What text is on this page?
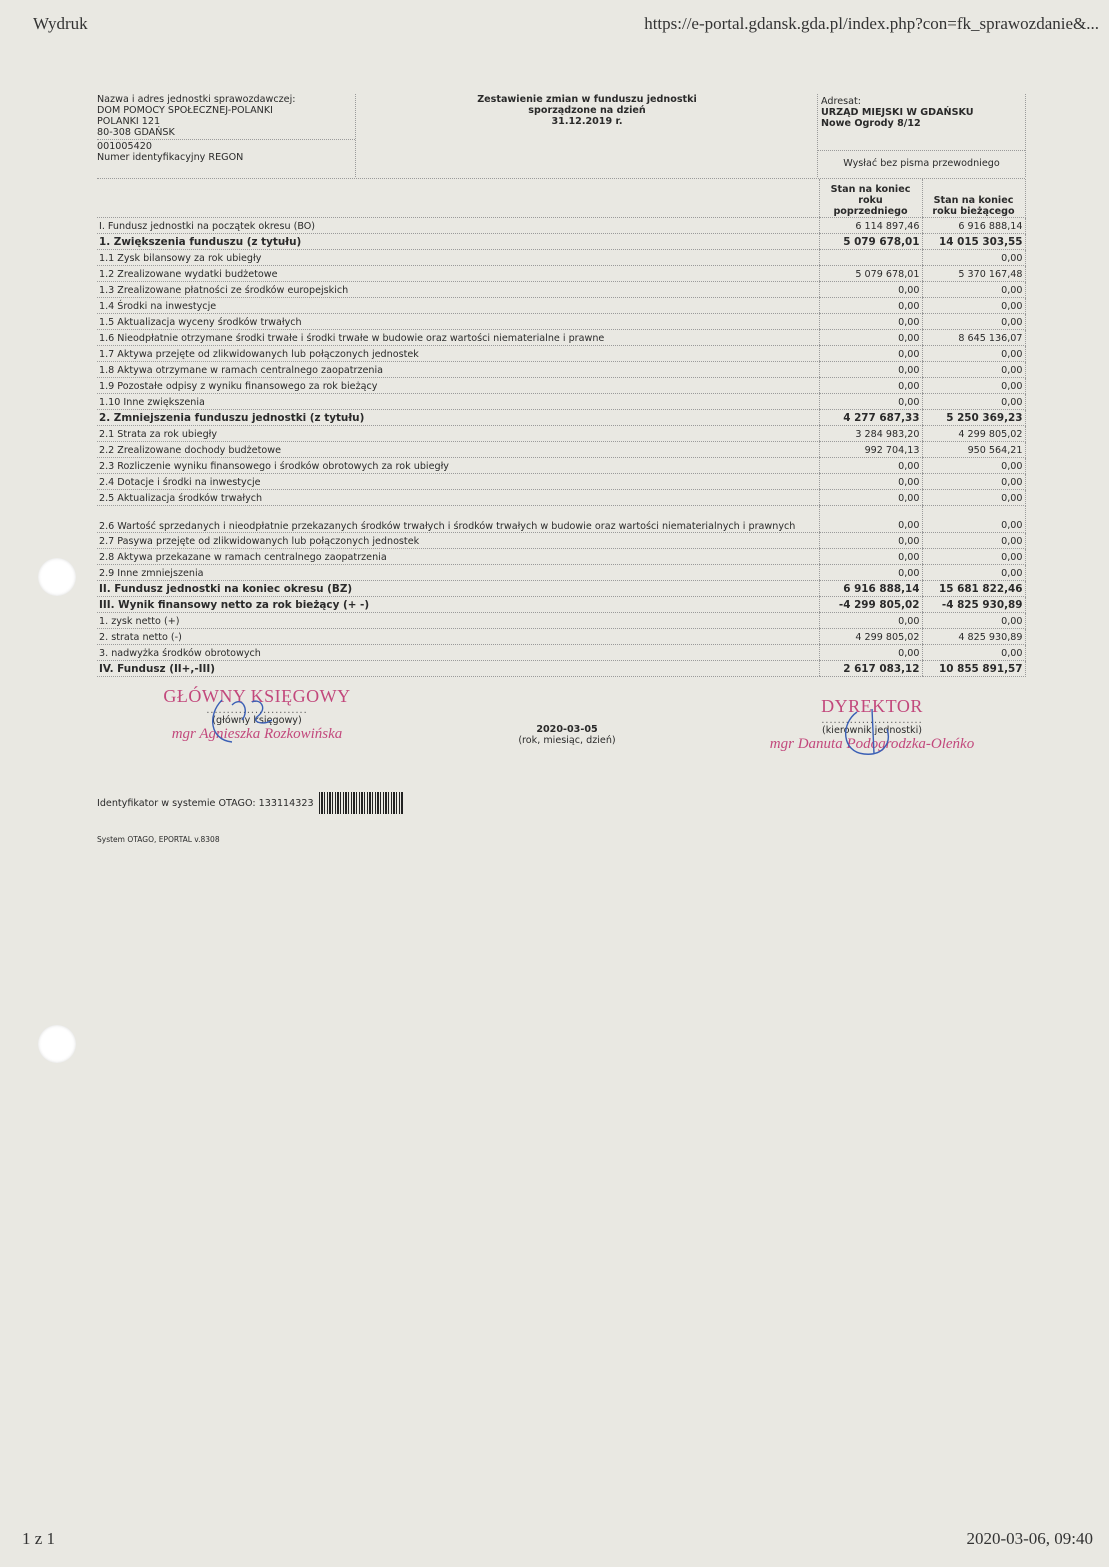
Wydruk	https://e-portal.gdansk.gda.pl/index.php?con=fk_sprawozdanie&...
Nazwa i adres jednostki sprawozdawczej:
DOM POMOCY SPOŁECZNEJ-POLANKI
POLANKI 121
80-308 GDAŃSK
001005420
Numer identyfikacyjny REGON
Zestawienie zmian w funduszu jednostki
sporządzone na dzień
31.12.2019 r.
Adresat:
URZĄD MIEJSKI W GDAŃSKU
Nowe Ogrody 8/12
Wysłać bez pisma przewodniego
	Stan na koniec roku poprzedniego	Stan na koniec roku bieżącego
I. Fundusz jednostki na początek okresu (BO)	6 114 897,46	6 916 888,14
1. Zwiększenia funduszu (z tytułu)	5 079 678,01	14 015 303,55
1.1 Zysk bilansowy za rok ubiegły		0,00
1.2 Zrealizowane wydatki budżetowe	5 079 678,01	5 370 167,48
1.3 Zrealizowane płatności ze środków europejskich	0,00	0,00
1.4 Środki na inwestycje	0,00	0,00
1.5 Aktualizacja wyceny środków trwałych	0,00	0,00
1.6 Nieodpłatnie otrzymane środki trwałe i środki trwałe w budowie oraz wartości niematerialne i prawne	0,00	8 645 136,07
1.7 Aktywa przejęte od zlikwidowanych lub połączonych jednostek	0,00	0,00
1.8 Aktywa otrzymane w ramach centralnego zaopatrzenia	0,00	0,00
1.9 Pozostałe odpisy z wyniku finansowego za rok bieżący	0,00	0,00
1.10 Inne zwiększenia	0,00	0,00
2. Zmniejszenia funduszu jednostki (z tytułu)	4 277 687,33	5 250 369,23
2.1 Strata za rok ubiegły	3 284 983,20	4 299 805,02
2.2 Zrealizowane dochody budżetowe	992 704,13	950 564,21
2.3 Rozliczenie wyniku finansowego i środków obrotowych za rok ubiegły	0,00	0,00
2.4 Dotacje i środki na inwestycje	0,00	0,00
2.5 Aktualizacja środków trwałych	0,00	0,00
2.6 Wartość sprzedanych i nieodpłatnie przekazanych środków trwałych i środków trwałych w budowie oraz wartości niematerialnych i prawnych	0,00	0,00
2.7 Pasywa przejęte od zlikwidowanych lub połączonych jednostek	0,00	0,00
2.8 Aktywa przekazane w ramach centralnego zaopatrzenia	0,00	0,00
2.9 Inne zmniejszenia	0,00	0,00
II. Fundusz jednostki na koniec okresu (BZ)	6 916 888,14	15 681 822,46
III. Wynik finansowy netto za rok bieżący (+ -)	-4 299 805,02	-4 825 930,89
1. zysk netto (+)	0,00	0,00
2. strata netto (-)	4 299 805,02	4 825 930,89
3. nadwyżka środków obrotowych	0,00	0,00
IV. Fundusz (II+,-III)	2 617 083,12	10 855 891,57
GŁÓWNY KSIĘGOWY
.........................
(główny księgowy)
mgr Agnieszka Rozkowińska	2020-03-05
(rok, miesiąc, dzień)
DYREKTOR
.........................
(kierownik jednostki)
mgr Danuta Podogrodzka-Oleńko
Identyfikator w systemie OTAGO: 133114323
System OTAGO, EPORTAL v.8308
1 z 1	2020-03-06, 09:40
